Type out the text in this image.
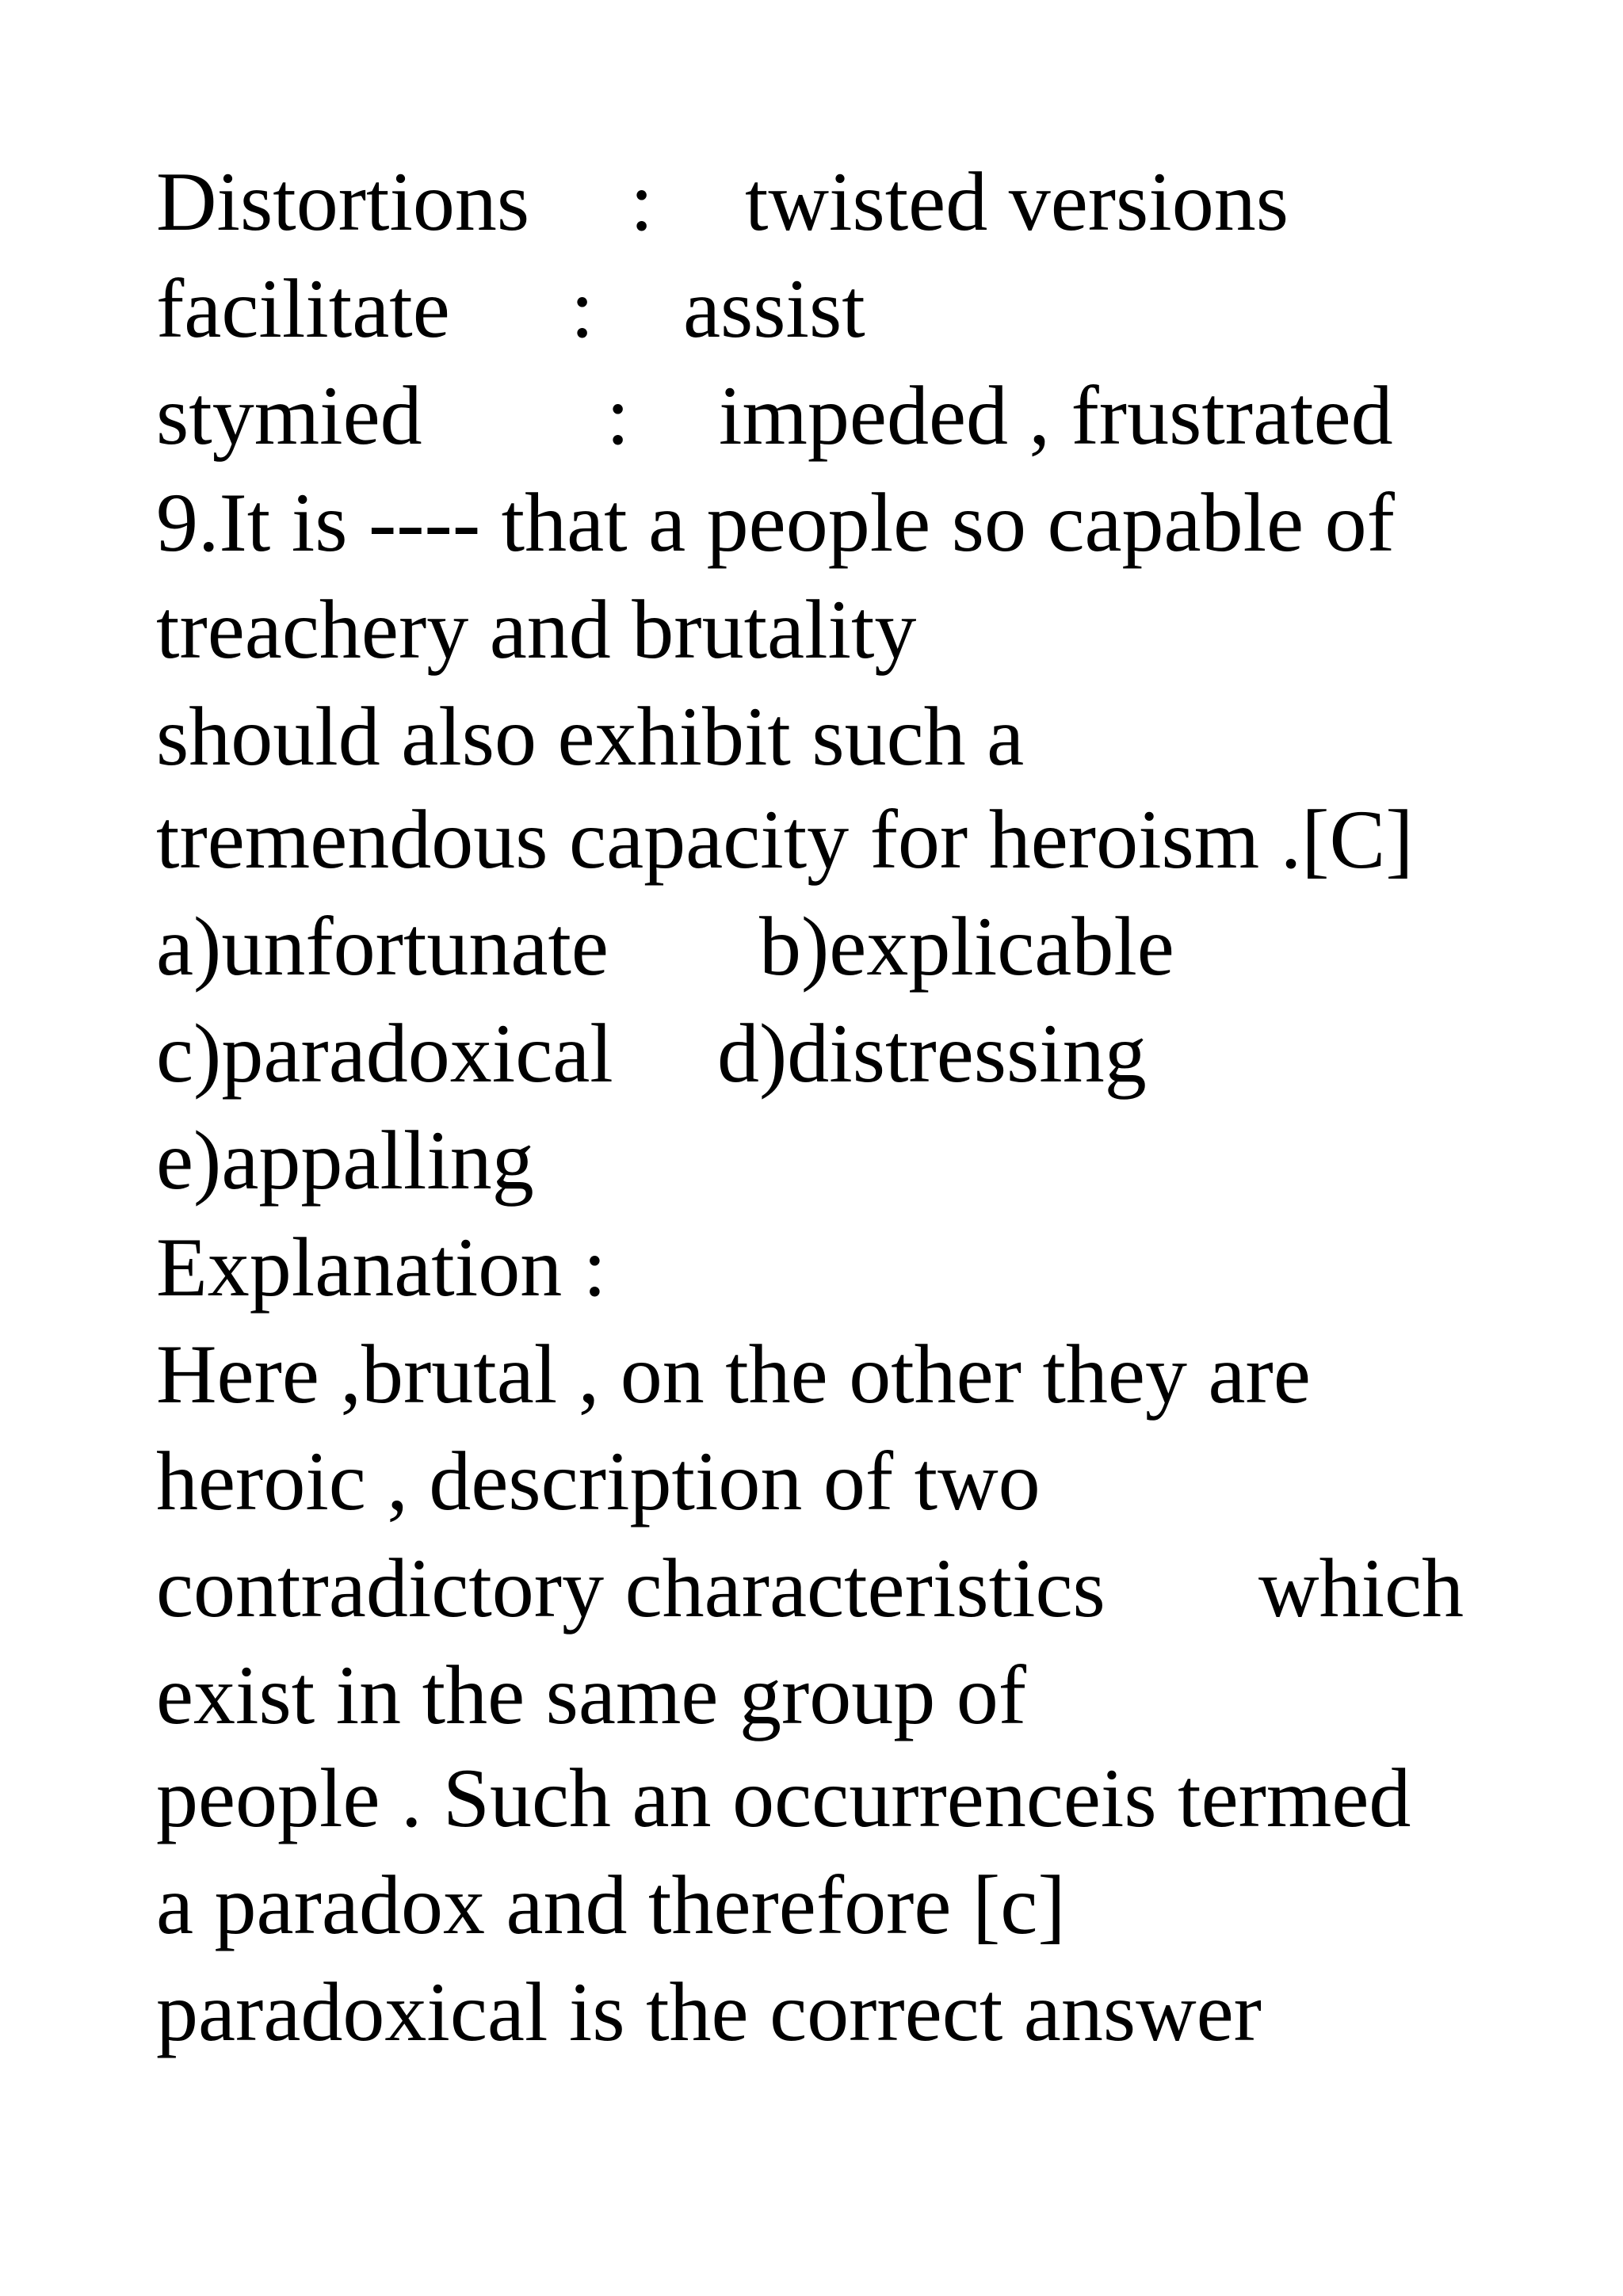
Distortions

:

twisted versions

facilitate

:

assist

stymied

:

impeded , frustrated

9.It is ---- that a people so capable of

treachery and brutality

should also exhibit such a

tremendous capacity for heroism .[C]

a)unfortunate

b)explicable

c)paradoxical

d)distressing

e)appalling

Explanation :

Here ,brutal , on the other they are

heroic , description of two

contradictory characteristics

which

exist in the same group of

people . Such an occurrenceis termed

a paradox and therefore [c]

paradoxical is the correct answer
